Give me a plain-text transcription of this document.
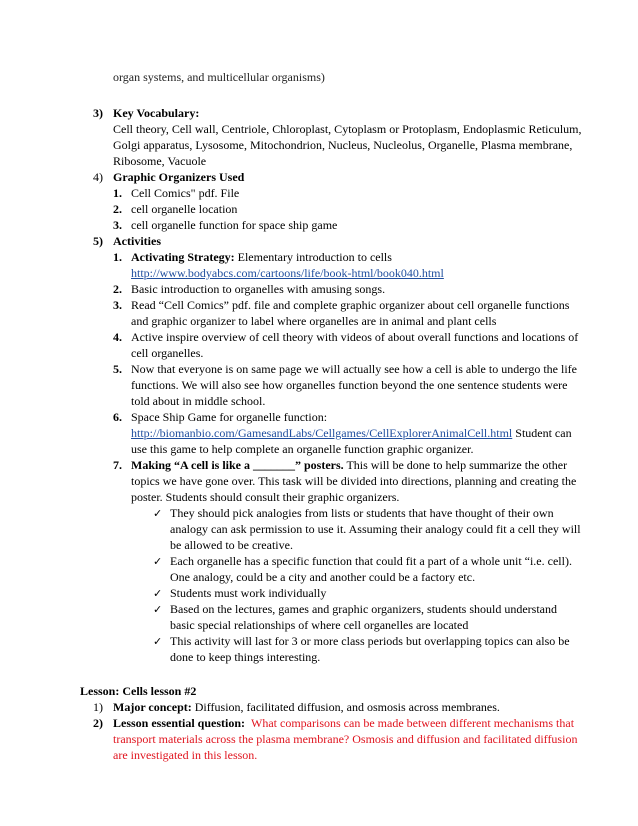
organ systems, and multicellular organisms)
3) Key Vocabulary:
Cell theory, Cell wall, Centriole, Chloroplast, Cytoplasm or Protoplasm, Endoplasmic Reticulum,
Golgi apparatus, Lysosome, Mitochondrion, Nucleus, Nucleolus, Organelle, Plasma membrane,
Ribosome, Vacuole
4) Graphic Organizers Used
1. Cell Comics" pdf. File
2. cell organelle location
3. cell organelle function for space ship game
5) Activities
1. Activating Strategy: Elementary introduction to cells
http://www.bodyabcs.com/cartoons/life/book-html/book040.html
2. Basic introduction to organelles with amusing songs.
3. Read “Cell Comics” pdf. file and complete graphic organizer about cell organelle functions
and graphic organizer to label where organelles are in animal and plant cells
4. Active inspire overview of cell theory with videos of about overall functions and locations of
cell organelles.
5. Now that everyone is on same page we will actually see how a cell is able to undergo the life
functions. We will also see how organelles function beyond the one sentence students were
told about in middle school.
6. Space Ship Game for organelle function:
http://biomanbio.com/GamesandLabs/Cellgames/CellExplorerAnimalCell.html Student can
use this game to help complete an organelle function graphic organizer.
7. Making “A cell is like a _______” posters. This will be done to help summarize the other
topics we have gone over. This task will be divided into directions, planning and creating the
poster. Students should consult their graphic organizers.
✓ They should pick analogies from lists or students that have thought of their own
analogy can ask permission to use it. Assuming their analogy could fit a cell they will
be allowed to be creative.
✓ Each organelle has a specific function that could fit a part of a whole unit “i.e. cell).
One analogy, could be a city and another could be a factory etc.
✓ Students must work individually
✓ Based on the lectures, games and graphic organizers, students should understand
basic special relationships of where cell organelles are located
✓ This activity will last for 3 or more class periods but overlapping topics can also be
done to keep things interesting.
Lesson: Cells lesson #2
1) Major concept: Diffusion, facilitated diffusion, and osmosis across membranes.
2) Lesson essential question: What comparisons can be made between different mechanisms that
transport materials across the plasma membrane? Osmosis and diffusion and facilitated diffusion
are investigated in this lesson.
